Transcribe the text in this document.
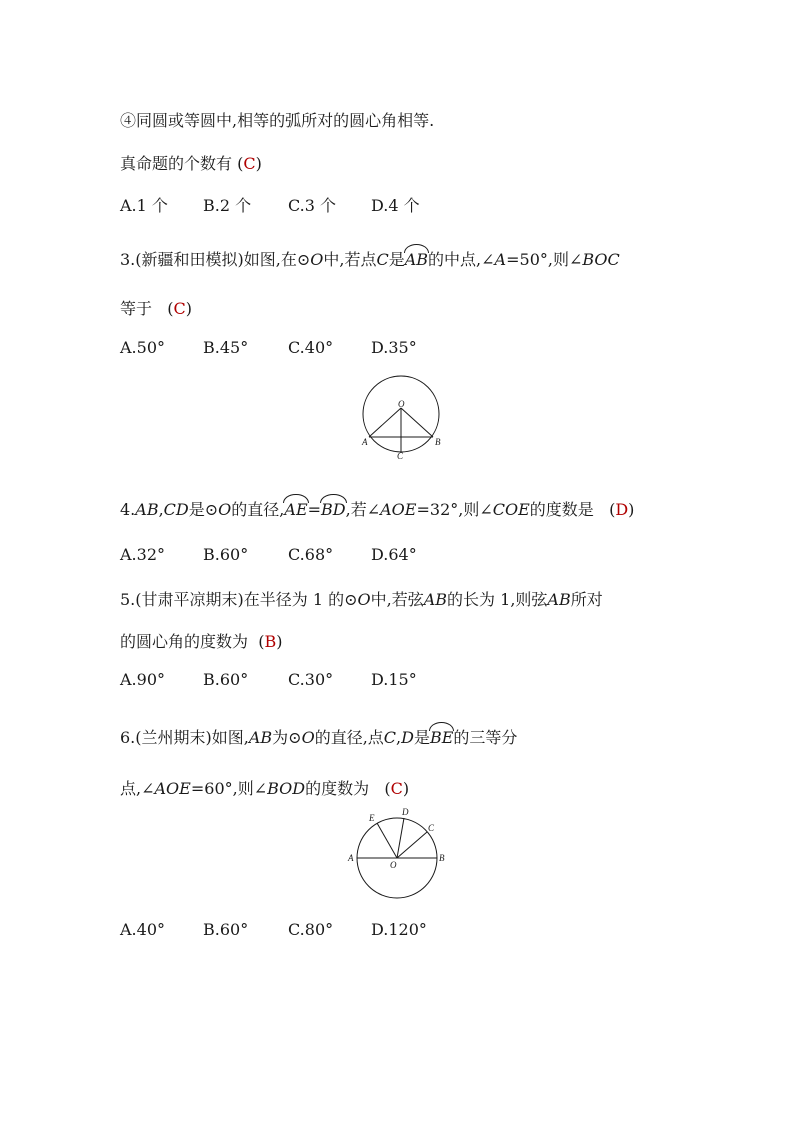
④同圆或等圆中,相等的弧所对的圆心角相等.
真命题的个数有 (C)
A.1 个 B.2 个 C.3 个 D.4 个
3.(新疆和田模拟)如图,在⊙O中,若点C是AB的中点,∠A=50°,则∠BOC
等于   (C)
A.50° B.45° C.40° D.35°
O
A	B
C
4.AB,CD是⊙O的直径,AE=BD,若∠AOE=32°,则∠COE的度数是   (D)
A.32° B.60° C.68° D.64°
5.(甘肃平凉期末)在半径为 1 的⊙O中,若弦AB的长为 1,则弦AB所对
的圆心角的度数为  (B)
A.90° B.60° C.30° D.15°
6.(兰州期末)如图,AB为⊙O的直径,点C,D是BE的三等分
点,∠AOE=60°,则∠BOD的度数为   (C)
A	B
O
E
D
C
A.40° B.60° C.80° D.120°
